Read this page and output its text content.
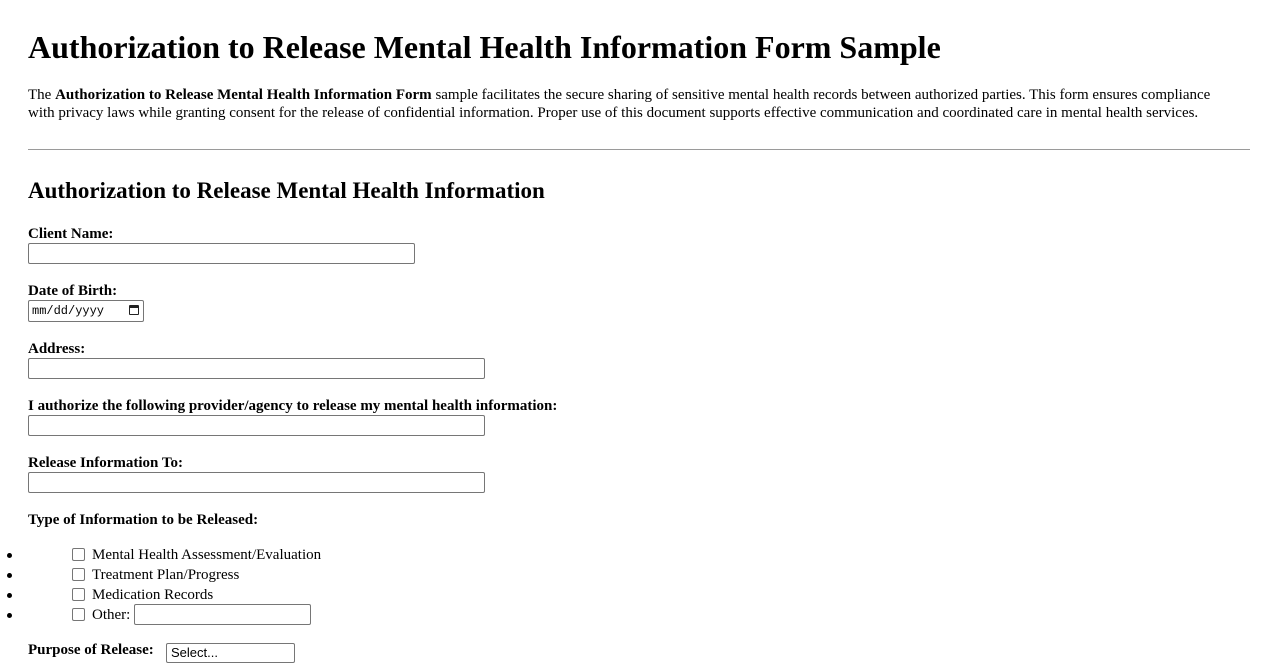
Authorization to Release Mental Health Information Form Sample

The Authorization to Release Mental Health Information Form sample facilitates the secure sharing of sensitive mental health records between authorized parties. This form ensures compliance with privacy laws while granting consent for the release of confidential information. Proper use of this document supports effective communication and coordinated care in mental health services.

Authorization to Release Mental Health Information
Client Name:
Date of Birth:
mm/dd/yyyy
Address:
I authorize the following provider/agency to release my mental health information:
Release Information To:
Type of Information to be Released:
Mental Health Assessment/Evaluation
Treatment Plan/Progress
Medication Records
Other:
Purpose of Release:	Select...
